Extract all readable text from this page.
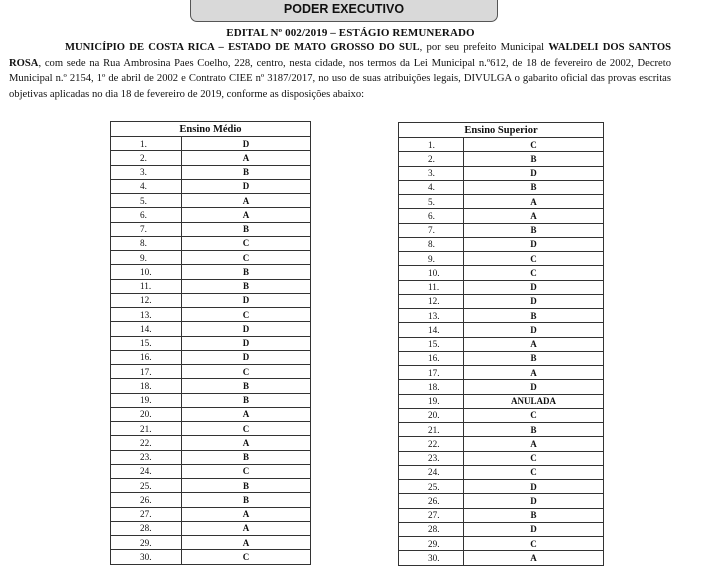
PODER EXECUTIVO
EDITAL Nº 002/2019 – ESTÁGIO REMUNERADO
MUNICÍPIO DE COSTA RICA – ESTADO DE MATO GROSSO DO SUL, por seu prefeito Municipal WALDELI DOS SANTOS ROSA, com sede na Rua Ambrosina Paes Coelho, 228, centro, nesta cidade, nos termos da Lei Municipal n.º612, de 18 de fevereiro de 2002, Decreto Municipal n.º 2154, 1º de abril de 2002 e Contrato CIEE nº 3187/2017, no uso de suas atribuições legais, DIVULGA o gabarito oficial das provas escritas objetivas aplicadas no dia 18 de fevereiro de 2019, conforme as disposições abaixo:
Ensino Médio	
1.	D
2.	A
3.	B
4.	D
5.	A
6.	A
7.	B
8.	C
9.	C
10.	B
11.	B
12.	D
13.	C
14.	D
15.	D
16.	D
17.	C
18.	B
19.	B
20.	A
21.	C
22.	A
23.	B
24.	C
25.	B
26.	B
27.	A
28.	A
29.	A
30.	C
Ensino Superior	
1.	C
2.	B
3.	D
4.	B
5.	A
6.	A
7.	B
8.	D
9.	C
10.	C
11.	D
12.	D
13.	B
14.	D
15.	A
16.	B
17.	A
18.	D
19.	ANULADA
20.	C
21.	B
22.	A
23.	C
24.	C
25.	D
26.	D
27.	B
28.	D
29.	C
30.	A
